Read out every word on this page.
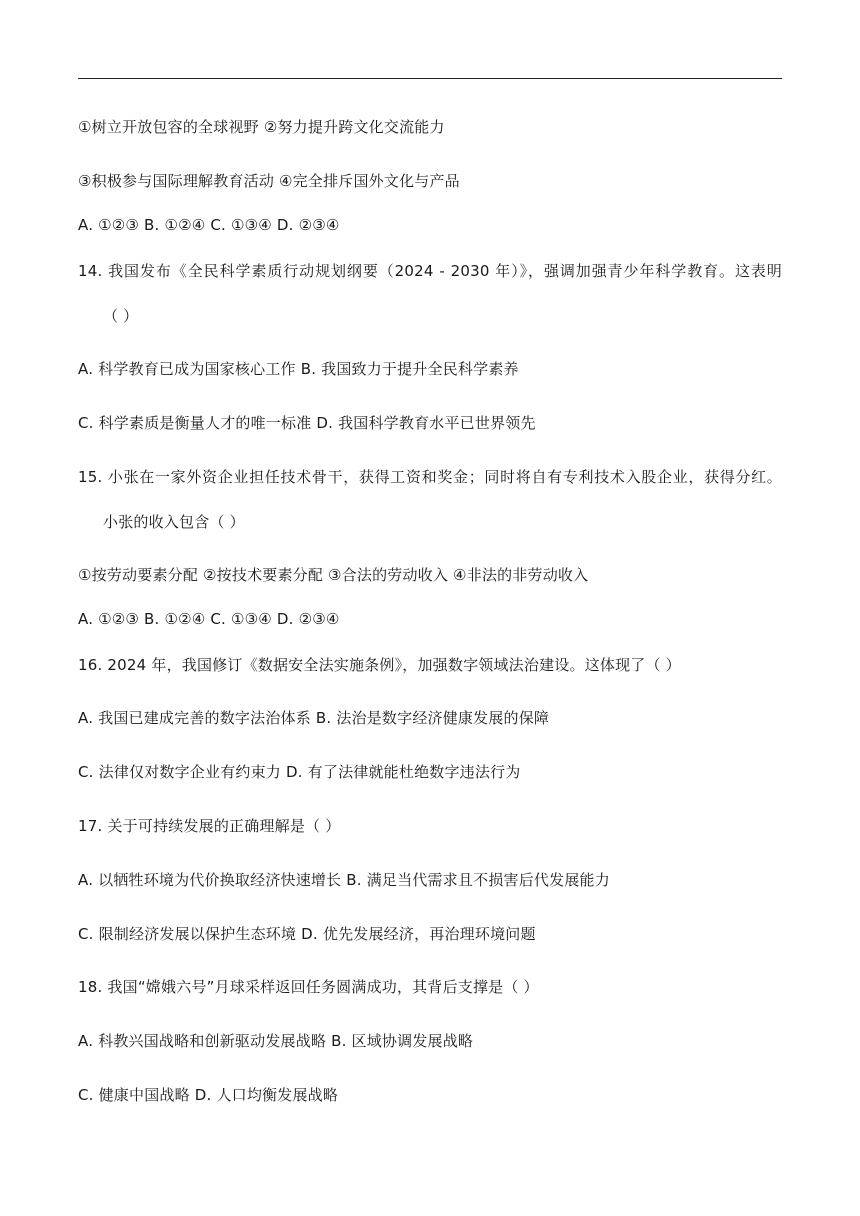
①树立开放包容的全球视野 ②努力提升跨文化交流能力
③积极参与国际理解教育活动 ④完全排斥国外文化与产品
A. ①②③ B. ①②④ C. ①③④ D. ②③④
14. 我国发布《全民科学素质行动规划纲要（2024 - 2030 年）》，强调加强青少年科学教育。这表明
（ ）
A. 科学教育已成为国家核心工作 B. 我国致力于提升全民科学素养
C. 科学素质是衡量人才的唯一标准 D. 我国科学教育水平已世界领先
15. 小张在一家外资企业担任技术骨干，获得工资和奖金；同时将自有专利技术入股企业，获得分红。
小张的收入包含（ ）
①按劳动要素分配 ②按技术要素分配 ③合法的劳动收入 ④非法的非劳动收入
A. ①②③ B. ①②④ C. ①③④ D. ②③④
16. 2024 年，我国修订《数据安全法实施条例》，加强数字领域法治建设。这体现了（ ）
A. 我国已建成完善的数字法治体系 B. 法治是数字经济健康发展的保障
C. 法律仅对数字企业有约束力 D. 有了法律就能杜绝数字违法行为
17. 关于可持续发展的正确理解是（ ）
A. 以牺牲环境为代价换取经济快速增长 B. 满足当代需求且不损害后代发展能力
C. 限制经济发展以保护生态环境 D. 优先发展经济，再治理环境问题
18. 我国“嫦娥六号”月球采样返回任务圆满成功，其背后支撑是（ ）
A. 科教兴国战略和创新驱动发展战略 B. 区域协调发展战略
C. 健康中国战略 D. 人口均衡发展战略
